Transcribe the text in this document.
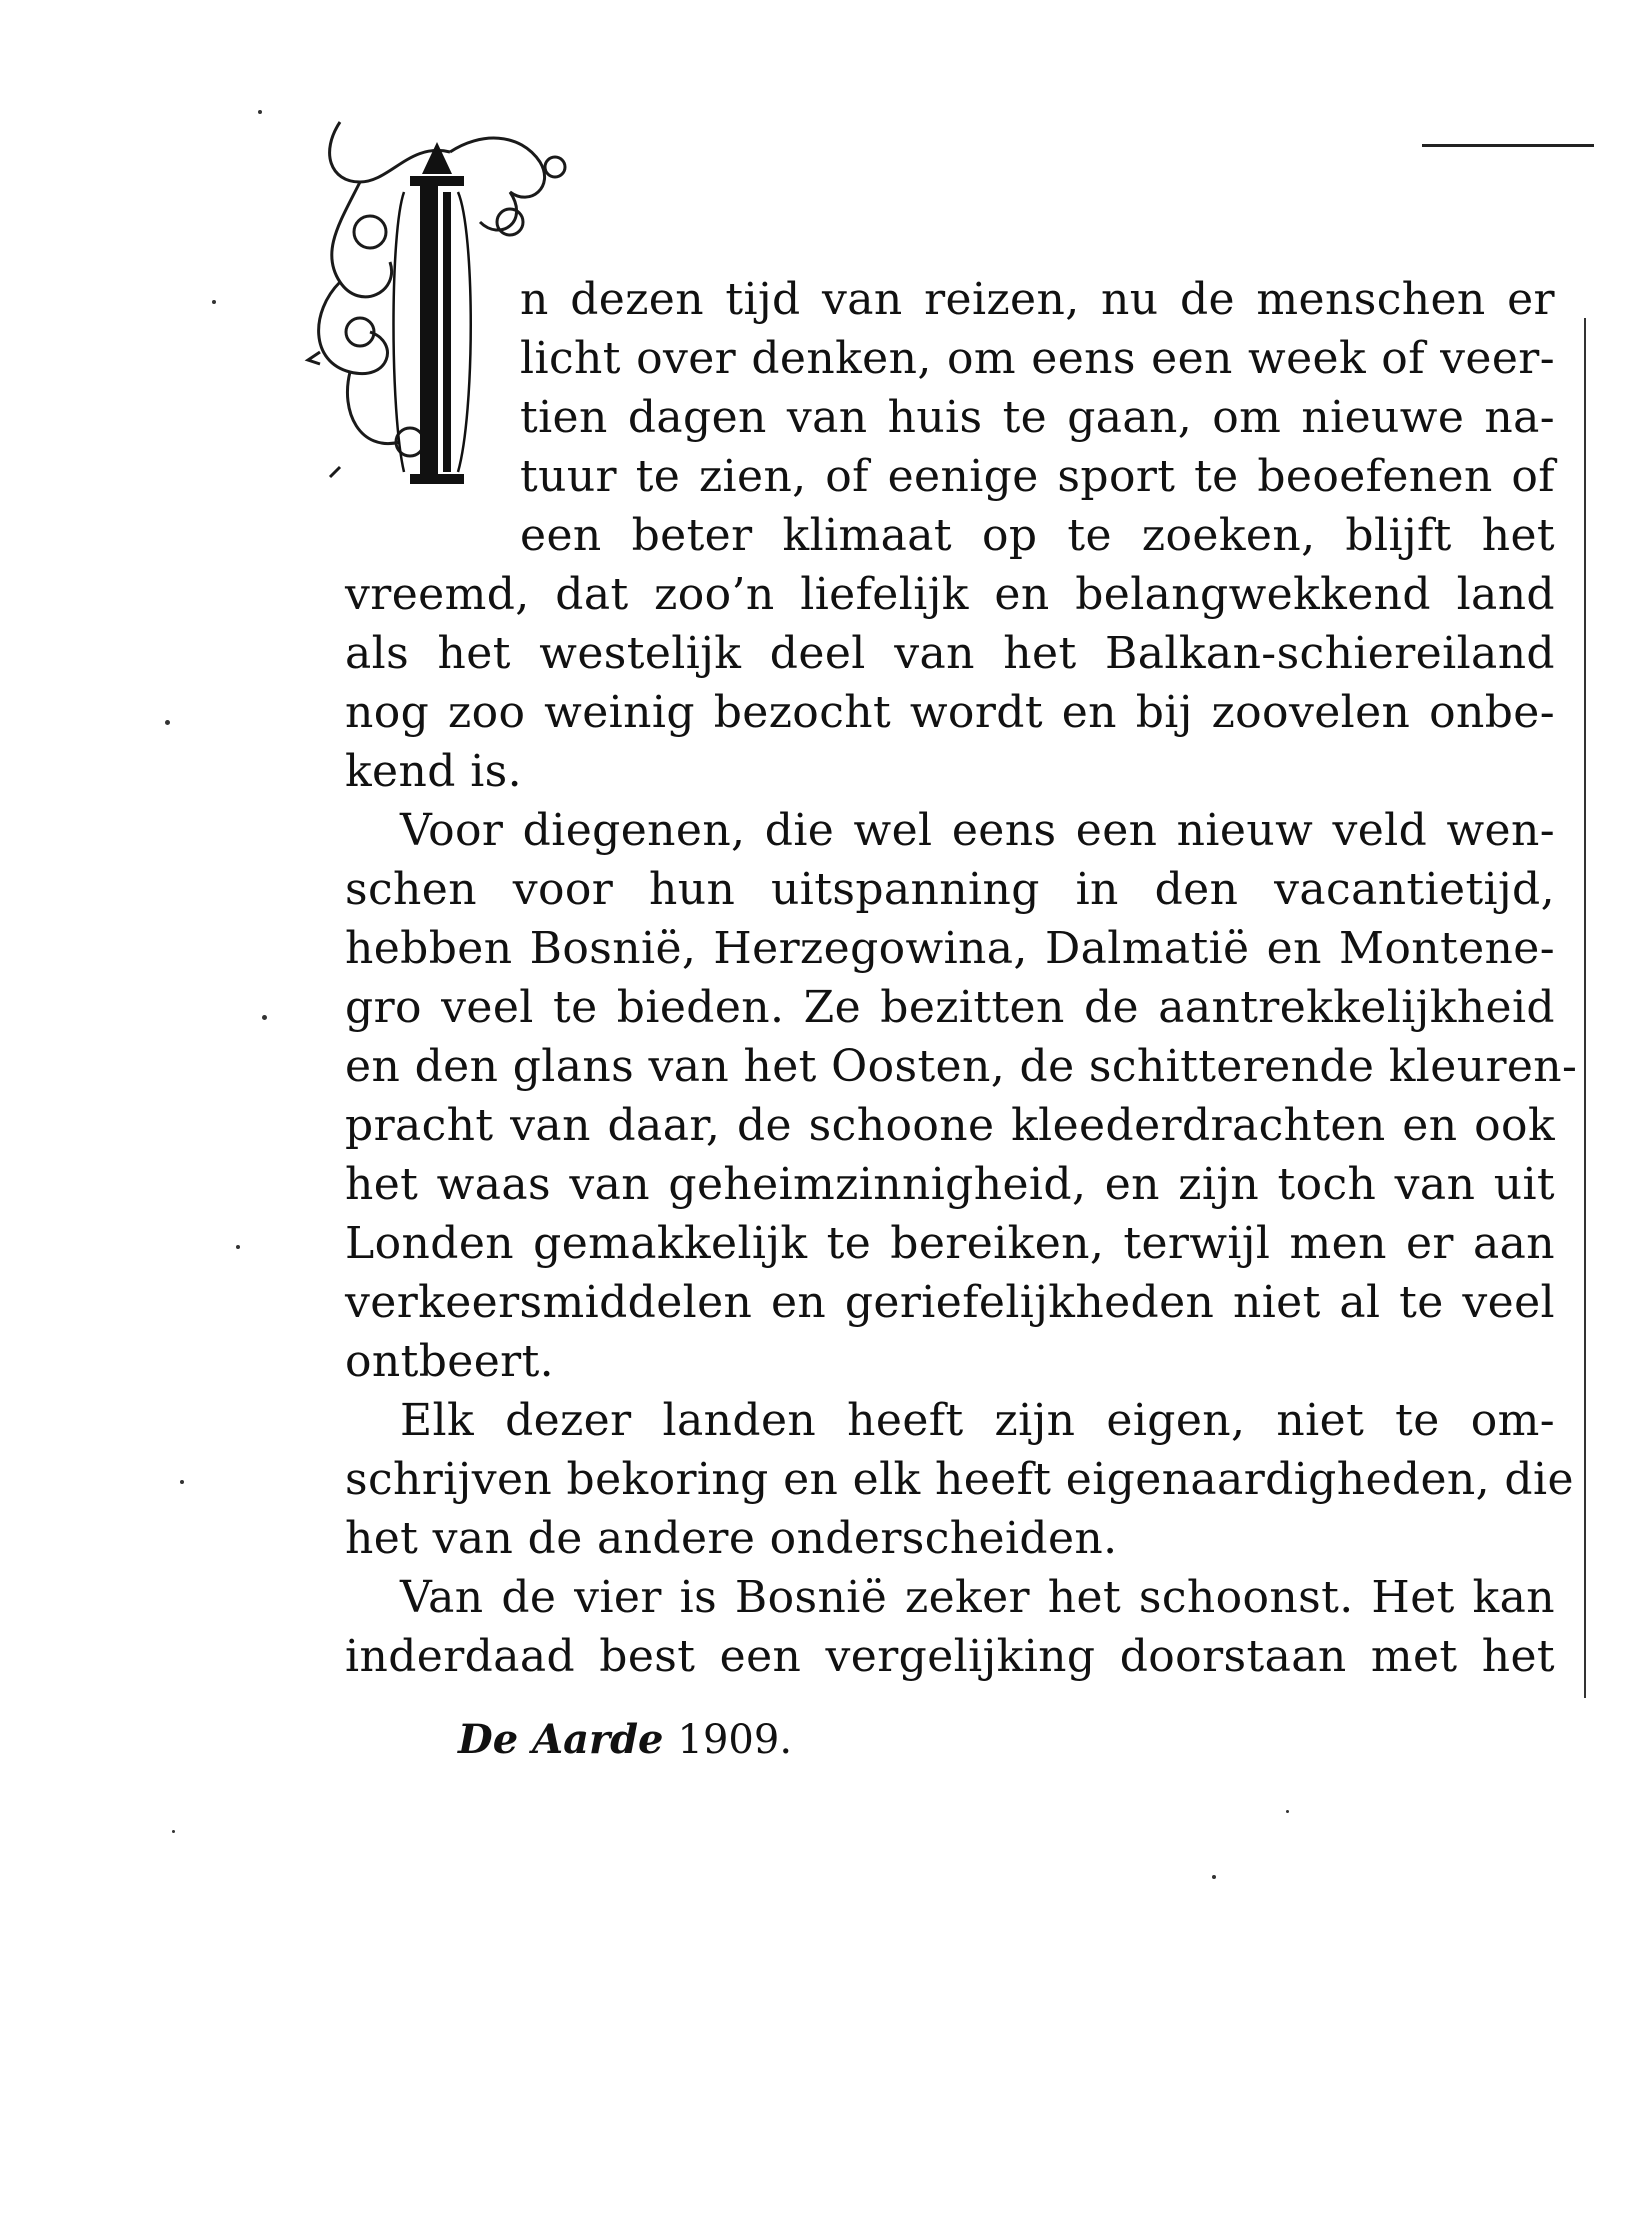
n dezen tijd van reizen, nu de menschen er
licht over denken, om eens een week of veer-
tien dagen van huis te gaan, om nieuwe na-
tuur te zien, of eenige sport te beoefenen of
een beter klimaat op te zoeken, blijft het
vreemd, dat zoo’n liefelijk en belangwekkend land
als het westelijk deel van het Balkan-schiereiland
nog zoo weinig bezocht wordt en bij zoovelen onbe-
kend is.
Voor diegenen, die wel eens een nieuw veld wen-
schen voor hun uitspanning in den vacantietijd,
hebben Bosnië, Herzegowina, Dalmatië en Montene-
gro veel te bieden. Ze bezitten de aantrekkelijkheid
en den glans van het Oosten, de schitterende kleuren-
pracht van daar, de schoone kleederdrachten en ook
het waas van geheimzinnigheid, en zijn toch van uit
Londen gemakkelijk te bereiken, terwijl men er aan
verkeersmiddelen en geriefelijkheden niet al te veel
ontbeert.
Elk dezer landen heeft zijn eigen, niet te om-
schrijven bekoring en elk heeft eigenaardigheden, die
het van de andere onderscheiden.
Van de vier is Bosnië zeker het schoonst. Het kan
inderdaad best een vergelijking doorstaan met het
De Aarde 1909.
